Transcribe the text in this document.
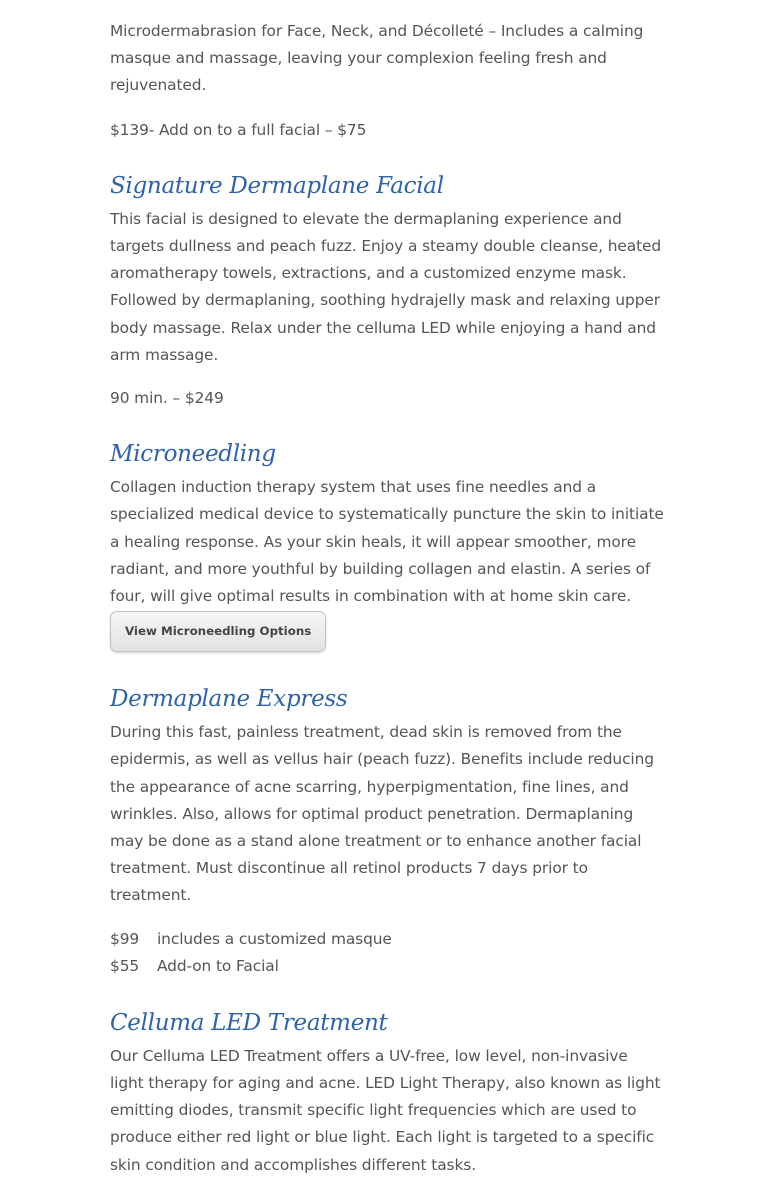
Microdermabrasion for Face, Neck, and Décolleté – Includes a calming masque and massage, leaving your complexion feeling fresh and rejuvenated.

$139- Add on to a full facial – $75

Signature Dermaplane Facial

This facial is designed to elevate the dermaplaning experience and targets dullness and peach fuzz. Enjoy a steamy double cleanse, heated aromatherapy towels, extractions, and a customized enzyme mask. Followed by dermaplaning, soothing hydrajelly mask and relaxing upper body massage. Relax under the celluma LED while enjoying a hand and arm massage.

90 min. – $249

Microneedling

Collagen induction therapy system that uses fine needles and a specialized medical device to systematically puncture the skin to initiate a healing response. As your skin heals, it will appear smoother, more radiant, and more youthful by building collagen and elastin. A series of four, will give optimal results in combination with at home skin care.

View Microneedling Options
Dermaplane Express

During this fast, painless treatment, dead skin is removed from the epidermis, as well as vellus hair (peach fuzz). Benefits include reducing the appearance of acne scarring, hyperpigmentation, fine lines, and wrinkles. Also, allows for optimal product penetration. Dermaplaning may be done as a stand alone treatment or to enhance another facial treatment. Must discontinue all retinol products 7 days prior to treatment.

$99	includes a customized masque
$55	Add-on to Facial
Celluma LED Treatment

Our Celluma LED Treatment offers a UV-free, low level, non-invasive light therapy for aging and acne. LED Light Therapy, also known as light emitting diodes, transmit specific light frequencies which are used to produce either red light or blue light. Each light is targeted to a specific skin condition and accomplishes different tasks.
